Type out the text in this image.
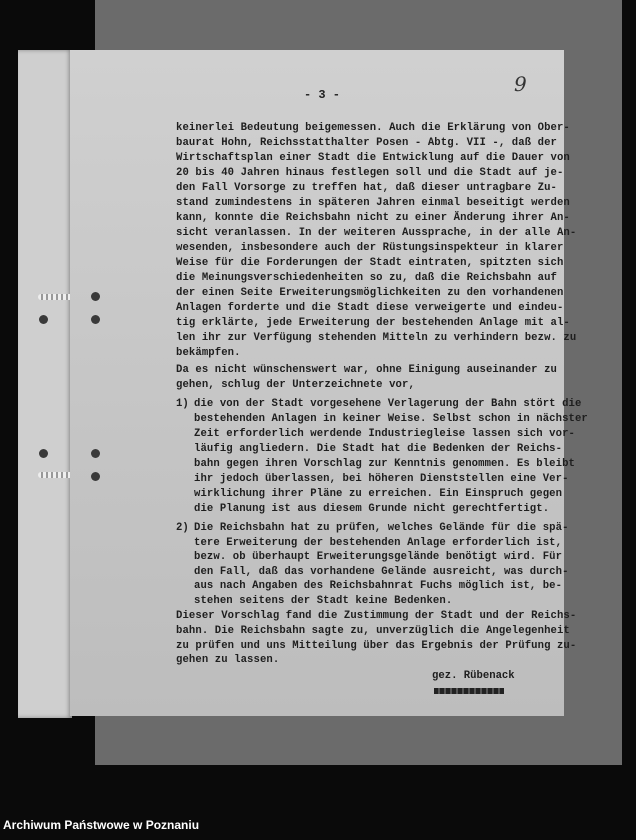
- 3 -	9
keinerlei Bedeutung beigemessen. Auch die Erklärung von Ober-
baurat Hohn, Reichsstatthalter Posen - Abtg. VII -, daß der
Wirtschaftsplan einer Stadt die Entwicklung auf die Dauer von
20 bis 40 Jahren hinaus festlegen soll und die Stadt auf je-
den Fall Vorsorge zu treffen hat, daß dieser untragbare Zu-
stand zumindestens in späteren Jahren einmal beseitigt werden
kann, konnte die Reichsbahn nicht zu einer Änderung ihrer An-
sicht veranlassen. In der weiteren Aussprache, in der alle An-
wesenden, insbesondere auch der Rüstungsinspekteur in klarer
Weise für die Forderungen der Stadt eintraten, spitzten sich
die Meinungsverschiedenheiten so zu, daß die Reichsbahn auf
der einen Seite Erweiterungsmöglichkeiten zu den vorhandenen
Anlagen forderte und die Stadt diese verweigerte und eindeu-
tig erklärte, jede Erweiterung der bestehenden Anlage mit al-
len ihr zur Verfügung stehenden Mitteln zu verhindern bezw. zu
bekämpfen.
Da es nicht wünschenswert war, ohne Einigung auseinander zu
gehen, schlug der Unterzeichnete vor,
1) die von der Stadt vorgesehene Verlagerung der Bahn stört die
bestehenden Anlagen in keiner Weise. Selbst schon in nächster
Zeit erforderlich werdende Industriegleise lassen sich vor-
läufig angliedern. Die Stadt hat die Bedenken der Reichs-
bahn gegen ihren Vorschlag zur Kenntnis genommen. Es bleibt
ihr jedoch überlassen, bei höheren Dienststellen eine Ver-
wirklichung ihrer Pläne zu erreichen. Ein Einspruch gegen
die Planung ist aus diesem Grunde nicht gerechtfertigt.
2) Die Reichsbahn hat zu prüfen, welches Gelände für die spä-
tere Erweiterung der bestehenden Anlage erforderlich ist,
bezw. ob überhaupt Erweiterungsgelände benötigt wird. Für
den Fall, daß das vorhandene Gelände ausreicht, was durch-
aus nach Angaben des Reichsbahnrat Fuchs möglich ist, be-
stehen seitens der Stadt keine Bedenken.
Dieser Vorschlag fand die Zustimmung der Stadt und der Reichs-
bahn. Die Reichsbahn sagte zu, unverzüglich die Angelegenheit
zu prüfen und uns Mitteilung über das Ergebnis der Prüfung zu-
gehen zu lassen.
gez. Rübenack
Archiwum Państwowe w Poznaniu
